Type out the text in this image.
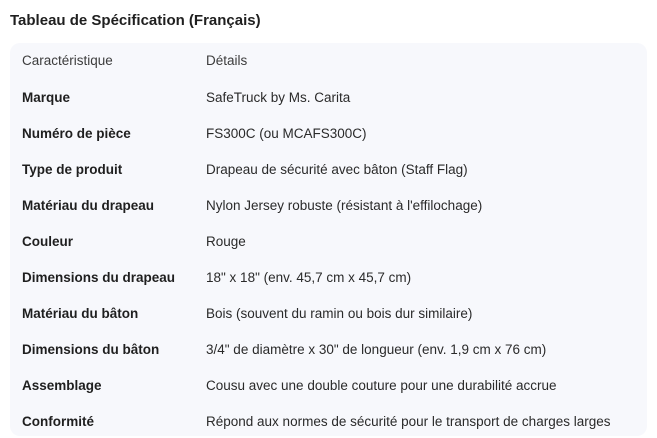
Tableau de Spécification (Français)
Caractéristique	Détails
Marque	SafeTruck by Ms. Carita
Numéro de pièce	FS300C (ou MCAFS300C)
Type de produit	Drapeau de sécurité avec bâton (Staff Flag)
Matériau du drapeau	Nylon Jersey robuste (résistant à l'effilochage)
Couleur	Rouge
Dimensions du drapeau	18" x 18" (env. 45,7 cm x 45,7 cm)
Matériau du bâton	Bois (souvent du ramin ou bois dur similaire)
Dimensions du bâton	3/4" de diamètre x 30" de longueur (env. 1,9 cm x 76 cm)
Assemblage	Cousu avec une double couture pour une durabilité accrue
Conformité	Répond aux normes de sécurité pour le transport de charges larges
